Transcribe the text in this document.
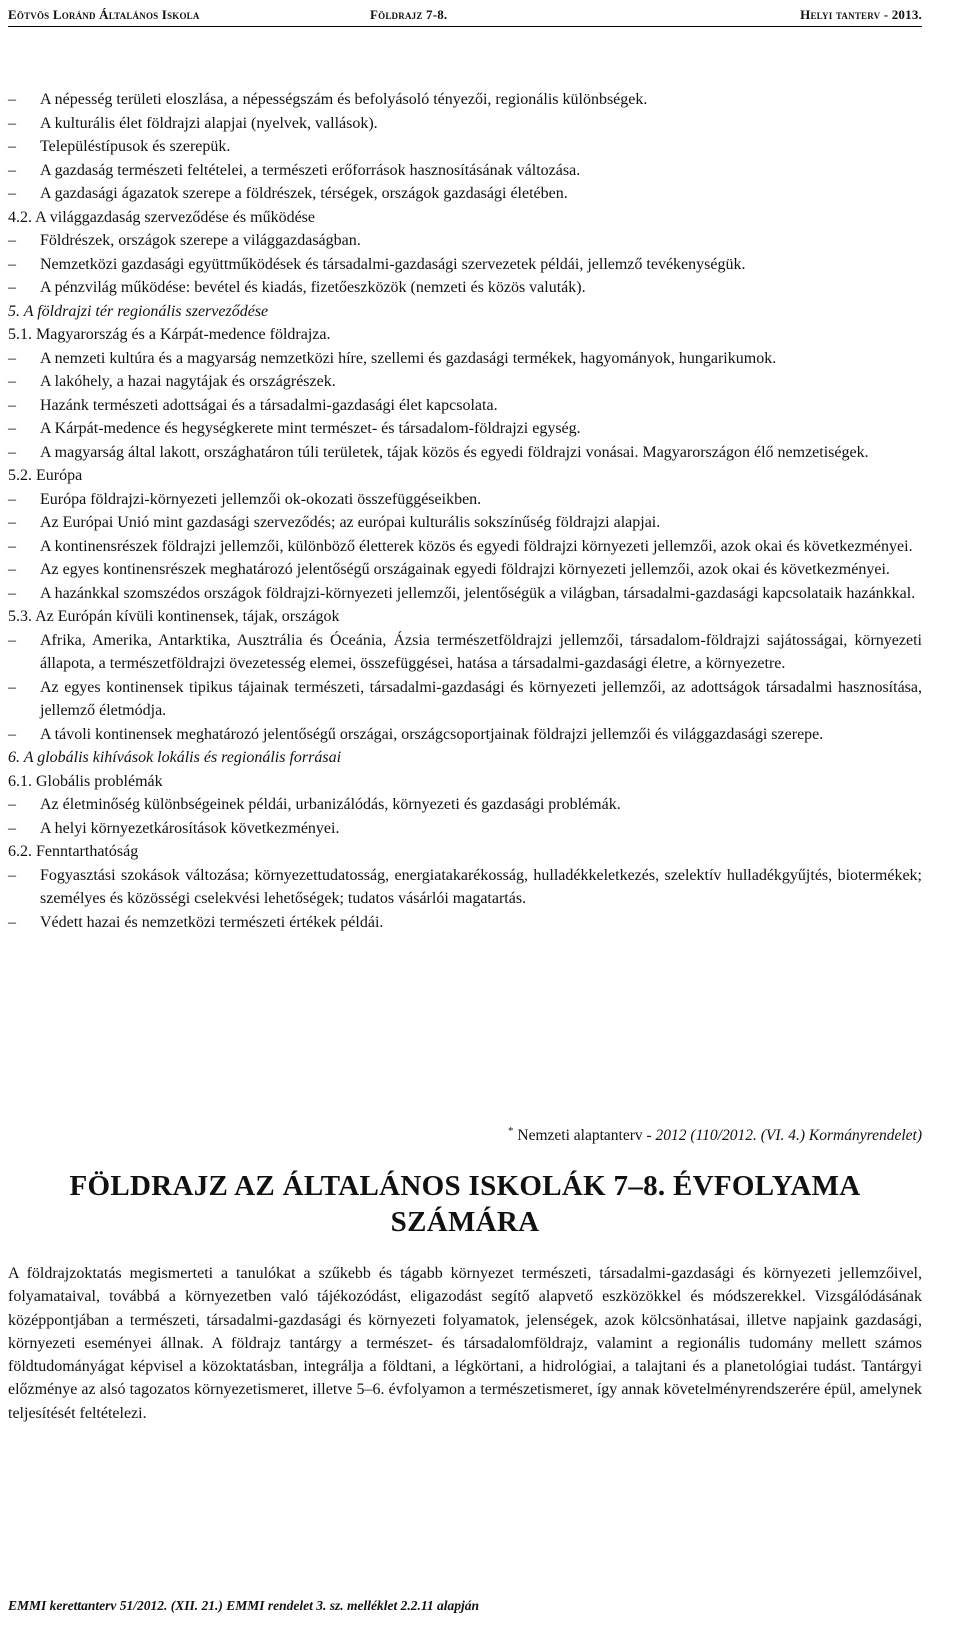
Eötvös Loránd Általános Iskola	Földrajz 7-8.	Helyi tanterv - 2013.

– A népesség területi eloszlása, a népességszám és befolyásoló tényezői, regionális különbségek.

– A kulturális élet földrajzi alapjai (nyelvek, vallások).

– Településtípusok és szerepük.

– A gazdaság természeti feltételei, a természeti erőforrások hasznosításának változása.

– A gazdasági ágazatok szerepe a földrészek, térségek, országok gazdasági életében.

4.2. A világgazdaság szerveződése és működése

– Földrészek, országok szerepe a világgazdaságban.

– Nemzetközi gazdasági együttműködések és társadalmi-gazdasági szervezetek példái, jellemző tevékenységük.

– A pénzvilág működése: bevétel és kiadás, fizetőeszközök (nemzeti és közös valuták).

5. A földrajzi tér regionális szerveződése

5.1. Magyarország és a Kárpát-medence földrajza.

– A nemzeti kultúra és a magyarság nemzetközi híre, szellemi és gazdasági termékek, hagyományok, hungarikumok.

– A lakóhely, a hazai nagytájak és országrészek.

– Hazánk természeti adottságai és a társadalmi-gazdasági élet kapcsolata.

– A Kárpát-medence és hegységkerete mint természet- és társadalom-földrajzi egység.

– A magyarság által lakott, országhatáron túli területek, tájak közös és egyedi földrajzi vonásai. Magyarországon élő nemzetiségek.

5.2. Európa

– Európa földrajzi-környezeti jellemzői ok-okozati összefüggéseikben.

– Az Európai Unió mint gazdasági szerveződés; az európai kulturális sokszínűség földrajzi alapjai.

– A kontinensrészek földrajzi jellemzői, különböző életterek közös és egyedi földrajzi környezeti jellemzői, azok okai és következményei.

– Az egyes kontinensrészek meghatározó jelentőségű országainak egyedi földrajzi környezeti jellemzői, azok okai és következményei.

– A hazánkkal szomszédos országok földrajzi-környezeti jellemzői, jelentőségük a világban, társadalmi-gazdasági kapcsolataik hazánkkal.

5.3. Az Európán kívüli kontinensek, tájak, országok

– Afrika, Amerika, Antarktika, Ausztrália és Óceánia, Ázsia természetföldrajzi jellemzői, társadalom-földrajzi sajátosságai, környezeti állapota, a természetföldrajzi övezetesség elemei, összefüggései, hatása a társadalmi-gazdasági életre, a környezetre.

– Az egyes kontinensek tipikus tájainak természeti, társadalmi-gazdasági és környezeti jellemzői, az adottságok társadalmi hasznosítása, jellemző életmódja.

– A távoli kontinensek meghatározó jelentőségű országai, országcsoportjainak földrajzi jellemzői és világgazdasági szerepe.

6. A globális kihívások lokális és regionális forrásai

6.1. Globális problémák

– Az életminőség különbségeinek példái, urbanizálódás, környezeti és gazdasági problémák.

– A helyi környezetkárosítások következményei.

6.2. Fenntarthatóság

– Fogyasztási szokások változása; környezettudatosság, energiatakarékosság, hulladékkeletkezés, szelektív hulladékgyűjtés, biotermékek; személyes és közösségi cselekvési lehetőségek; tudatos vásárlói magatartás.

– Védett hazai és nemzetközi természeti értékek példái.

* Nemzeti alaptanterv - 2012 (110/2012. (VI. 4.) Kormányrendelet)
FÖLDRAJZ AZ ÁLTALÁNOS ISKOLÁK 7–8. ÉVFOLYAMA
SZÁMÁRA
A földrajzoktatás megismerteti a tanulókat a szűkebb és tágabb környezet természeti, társadalmi-gazdasági és környezeti jellemzőivel, folyamataival, továbbá a környezetben való tájékozódást, eligazodást segítő alapvető eszközökkel és módszerekkel. Vizsgálódásának középpontjában a természeti, társadalmi-gazdasági és környezeti folyamatok, jelenségek, azok kölcsönhatásai, illetve napjaink gazdasági, környezeti eseményei állnak. A földrajz tantárgy a természet- és társadalomföldrajz, valamint a regionális tudomány mellett számos földtudományágat képvisel a közoktatásban, integrálja a földtani, a légkörtani, a hidrológiai, a talajtani és a planetológiai tudást. Tantárgyi előzménye az alsó tagozatos környezetismeret, illetve 5–6. évfolyamon a természetismeret, így annak követelményrendszerére épül, amelynek teljesítését feltételezi.
EMMI kerettanterv 51/2012. (XII. 21.) EMMI rendelet 3. sz. melléklet 2.2.11 alapján
